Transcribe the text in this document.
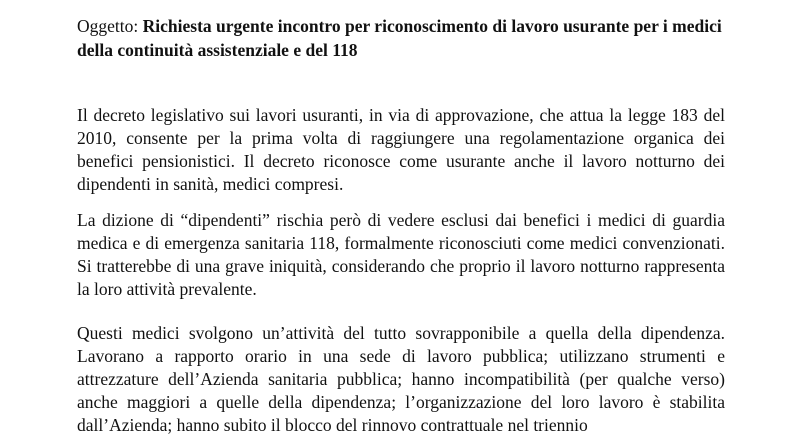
Oggetto: Richiesta urgente incontro per riconoscimento di lavoro usurante per i medici della continuità assistenziale e del 118

Il decreto legislativo sui lavori usuranti, in via di approvazione, che attua la legge 183 del 2010, consente per la prima volta di raggiungere una regolamentazione organica dei benefici pensionistici. Il decreto riconosce come usurante anche il lavoro notturno dei dipendenti in sanità, medici compresi.

La dizione di “dipendenti” rischia però di vedere esclusi dai benefici i medici di guardia medica e di emergenza sanitaria 118, formalmente riconosciuti come medici convenzionati. Si tratterebbe di una grave iniquità, considerando che proprio il lavoro notturno rappresenta la loro attività prevalente.

Questi medici svolgono un’attività del tutto sovrapponibile a quella della dipendenza. Lavorano a rapporto orario in una sede di lavoro pubblica; utilizzano strumenti e attrezzature dell’Azienda sanitaria pubblica; hanno incompatibilità (per qualche verso) anche maggiori a quelle della dipendenza; l’organizzazione del loro lavoro è stabilita dall’Azienda; hanno subito il blocco del rinnovo contrattuale nel triennio
